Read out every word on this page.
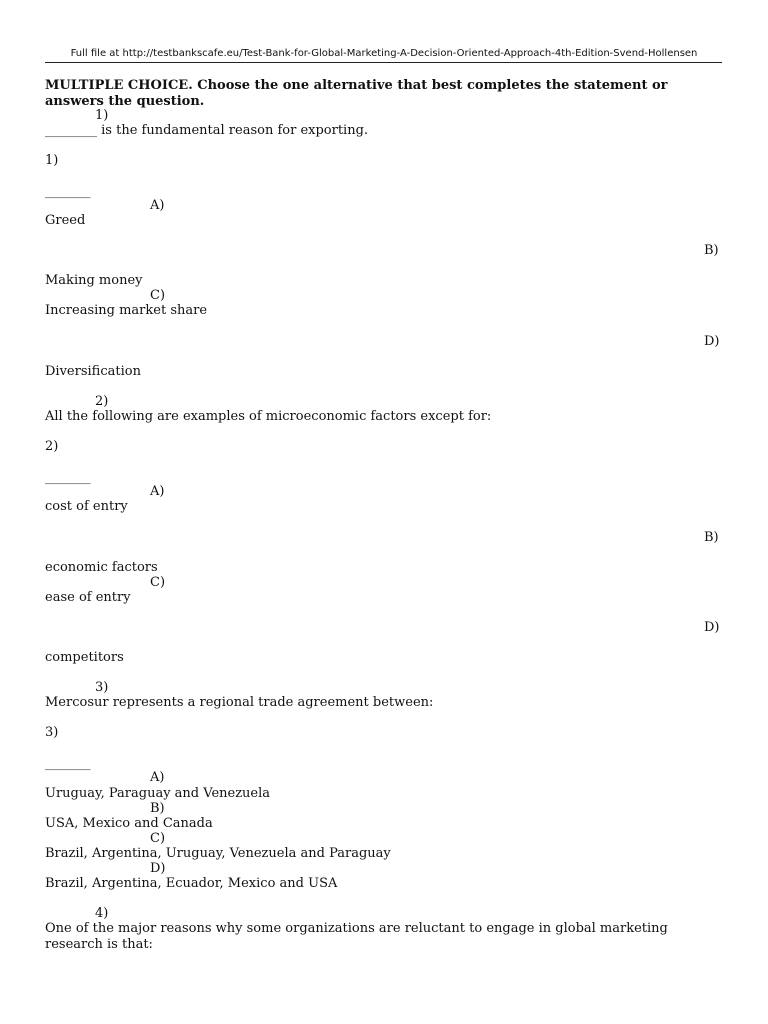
Full file at http://testbankscafe.eu/Test-Bank-for-Global-Marketing-A-Decision-Oriented-Approach-4th-Edition-Svend-Hollensen
MULTIPLE CHOICE. Choose the one alternative that best completes the statement or answers the question.
1)
________ is the fundamental reason for exporting.
1)
_______
A)
Greed
B)
Making money
C)
Increasing market share
D)
Diversification
2)
All the following are examples of microeconomic factors except for:
2)
_______
A)
cost of entry
B)
economic factors
C)
ease of entry
D)
competitors
3)
Mercosur represents a regional trade agreement between:
3)
_______
A)
Uruguay, Paraguay and Venezuela
B)
USA, Mexico and Canada
C)
Brazil, Argentina, Uruguay, Venezuela and Paraguay
D)
Brazil, Argentina, Ecuador, Mexico and USA
4)
One of the major reasons why some organizations are reluctant to engage in global marketing research is that:
